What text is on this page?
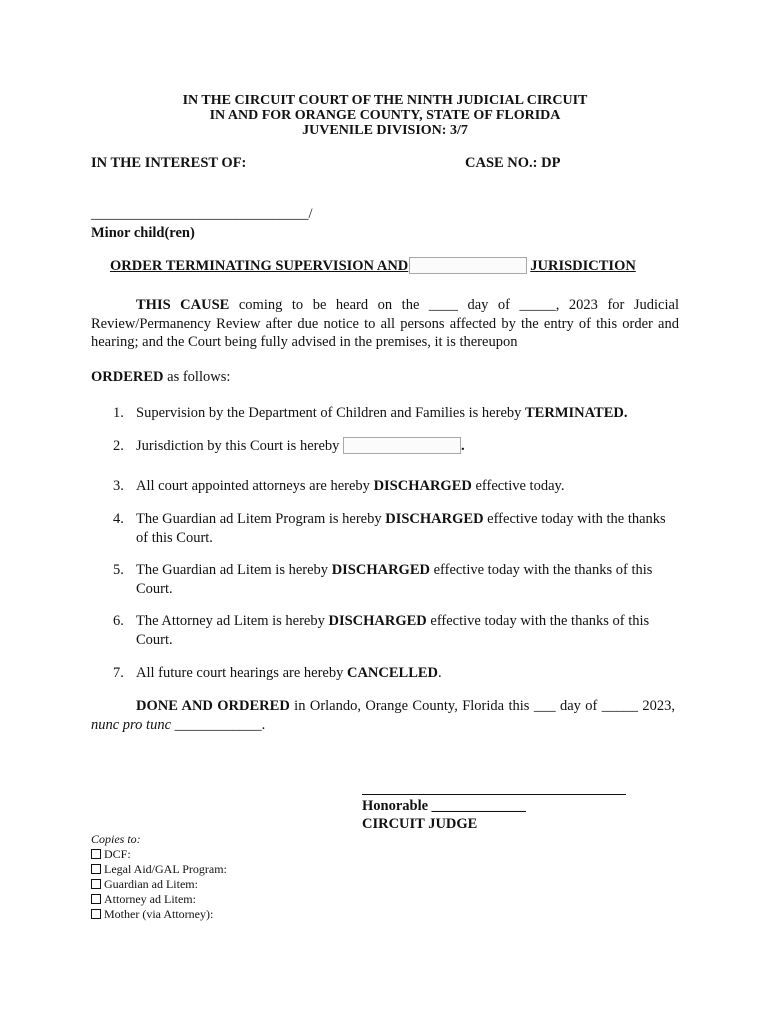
IN THE CIRCUIT COURT OF THE NINTH JUDICIAL CIRCUIT
IN AND FOR ORANGE COUNTY, STATE OF FLORIDA
JUVENILE DIVISION: 3/7
IN THE INTEREST OF:	CASE NO.: DP
______________________________/
Minor child(ren)
ORDER TERMINATING SUPERVISION AND	JURISDICTION
THIS CAUSE coming to be heard on the ____ day of _____, 2023 for Judicial Review/Permanency Review after due notice to all persons affected by the entry of this order and hearing; and the Court being fully advised in the premises, it is thereupon
ORDERED as follows:
1. Supervision by the Department of Children and Families is hereby TERMINATED.
2. Jurisdiction by this Court is hereby	.
3. All court appointed attorneys are hereby DISCHARGED effective today.
4. The Guardian ad Litem Program is hereby DISCHARGED effective today with the thanks of this Court.
5. The Guardian ad Litem is hereby DISCHARGED effective today with the thanks of this Court.
6. The Attorney ad Litem is hereby DISCHARGED effective today with the thanks of this Court.
7. All future court hearings are hereby CANCELLED.
DONE AND ORDERED in Orlando, Orange County, Florida this ___ day of _____ 2023, nunc pro tunc ____________.
Honorable _____________
CIRCUIT JUDGE
Copies to:
DCF:
Legal Aid/GAL Program:
Guardian ad Litem:
Attorney ad Litem:
Mother (via Attorney):
